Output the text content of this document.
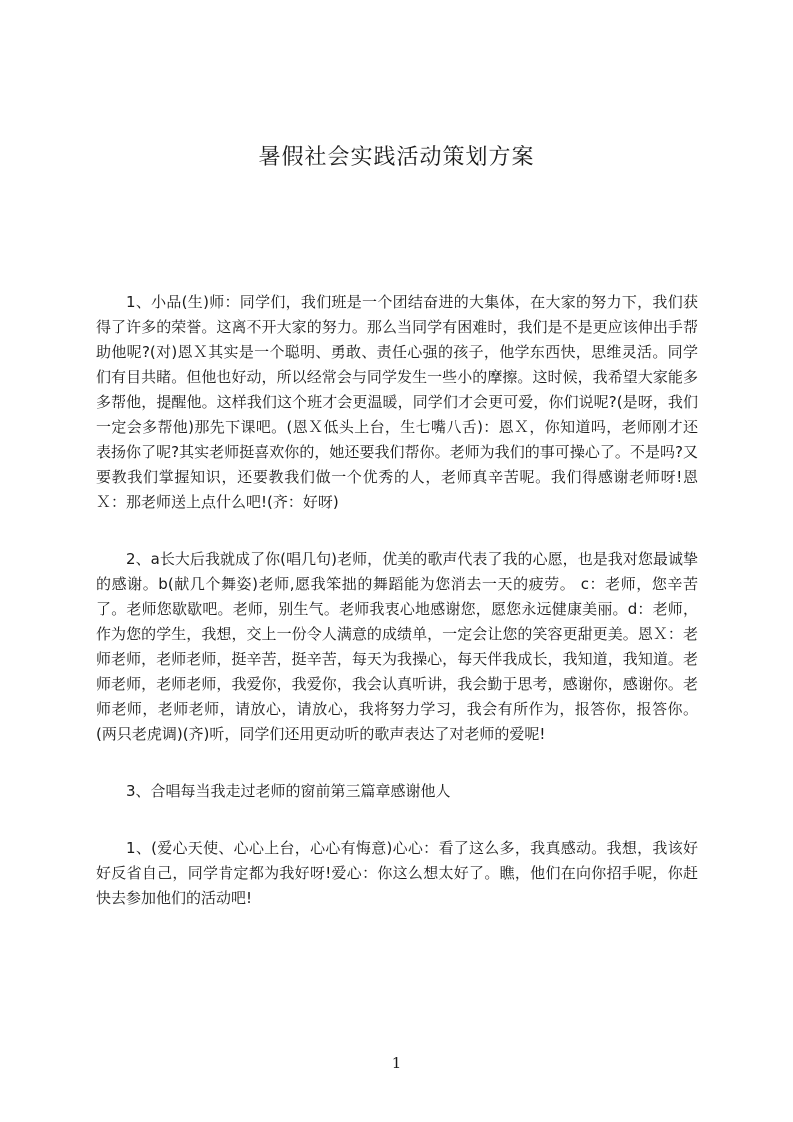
暑假社会实践活动策划方案

1、小品(生)师：同学们，我们班是一个团结奋进的大集体，在大家的努力下，我们获得了许多的荣誉。这离不开大家的努力。那么当同学有困难时，我们是不是更应该伸出手帮助他呢?(对)恩Ｘ其实是一个聪明、勇敢、责任心强的孩子，他学东西快，思维灵活。同学们有目共睹。但他也好动，所以经常会与同学发生一些小的摩擦。这时候，我希望大家能多多帮他，提醒他。这样我们这个班才会更温暖，同学们才会更可爱，你们说呢?(是呀，我们一定会多帮他)那先下课吧。(恩Ｘ低头上台，生七嘴八舌)：恩Ｘ，你知道吗，老师刚才还表扬你了呢?其实老师挺喜欢你的，她还要我们帮你。老师为我们的事可操心了。不是吗?又要教我们掌握知识，还要教我们做一个优秀的人，老师真辛苦呢。我们得感谢老师呀!恩Ｘ：那老师送上点什么吧!(齐：好呀)

2、a长大后我就成了你(唱几句)老师，优美的歌声代表了我的心愿，也是我对您最诚挚的感谢。b(献几个舞姿)老师,愿我笨拙的舞蹈能为您消去一天的疲劳。 c：老师，您辛苦了。老师您歇歇吧。老师，别生气。老师我衷心地感谢您，愿您永远健康美丽。d：老师，作为您的学生，我想，交上一份令人满意的成绩单，一定会让您的笑容更甜更美。恩Ｘ：老师老师，老师老师，挺辛苦，挺辛苦，每天为我操心，每天伴我成长，我知道，我知道。老师老师，老师老师，我爱你，我爱你，我会认真听讲，我会勤于思考，感谢你，感谢你。老师老师，老师老师，请放心，请放心，我将努力学习，我会有所作为，报答你，报答你。(两只老虎调)(齐)听，同学们还用更动听的歌声表达了对老师的爱呢!

3、合唱每当我走过老师的窗前第三篇章感谢他人

1、(爱心天使、心心上台，心心有悔意)心心：看了这么多，我真感动。我想，我该好好反省自己，同学肯定都为我好呀!爱心：你这么想太好了。瞧，他们在向你招手呢，你赶快去参加他们的活动吧!

1
